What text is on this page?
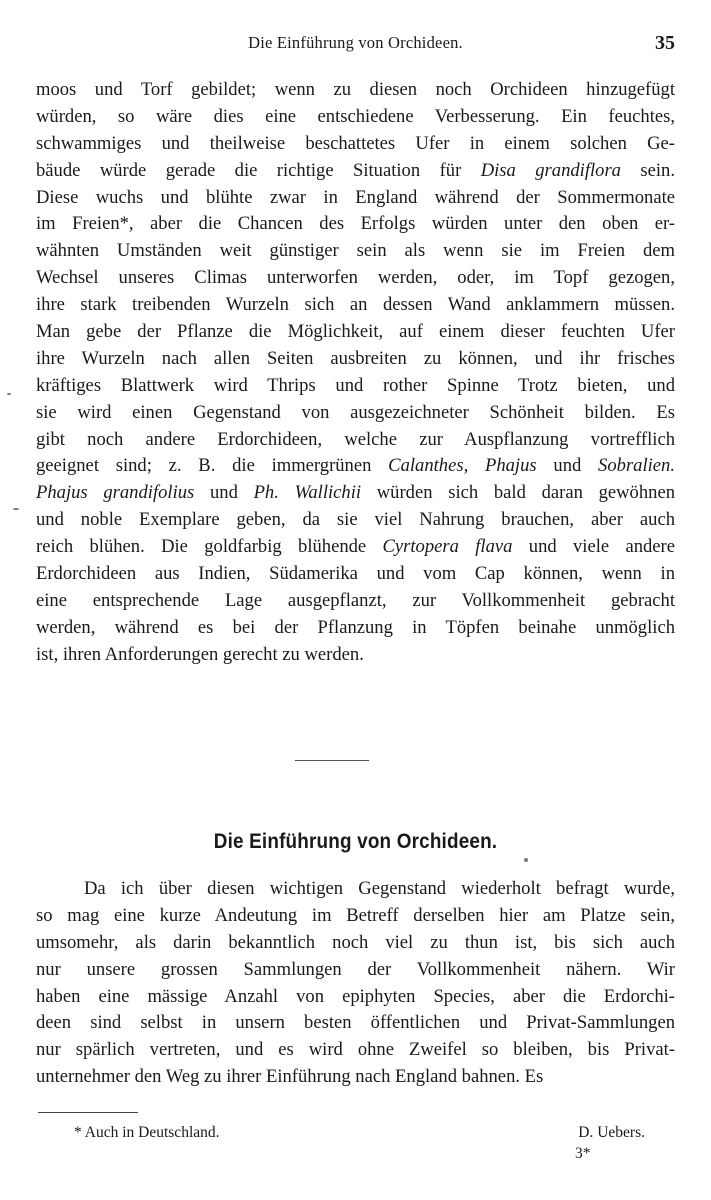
Die Einführung von Orchideen.	35
moos und Torf gebildet; wenn zu diesen noch Orchideen hinzugefügt
würden, so wäre dies eine entschiedene Verbesserung. Ein feuchtes,
schwammiges und theilweise beschattetes Ufer in einem solchen Ge-
bäude würde gerade die richtige Situation für Disa grandiflora sein.
Diese wuchs und blühte zwar in England während der Sommermonate
im Freien*, aber die Chancen des Erfolgs würden unter den oben er-
wähnten Umständen weit günstiger sein als wenn sie im Freien dem
Wechsel unseres Climas unterworfen werden, oder, im Topf gezogen,
ihre stark treibenden Wurzeln sich an dessen Wand anklammern müssen.
Man gebe der Pflanze die Möglichkeit, auf einem dieser feuchten Ufer
ihre Wurzeln nach allen Seiten ausbreiten zu können, und ihr frisches
kräftiges Blattwerk wird Thrips und rother Spinne Trotz bieten, und
sie wird einen Gegenstand von ausgezeichneter Schönheit bilden. Es
gibt noch andere Erdorchideen, welche zur Auspflanzung vortrefflich
geeignet sind; z. B. die immergrünen Calanthes, Phajus und Sobralien.
Phajus grandifolius und Ph. Wallichii würden sich bald daran gewöhnen
und noble Exemplare geben, da sie viel Nahrung brauchen, aber auch
reich blühen. Die goldfarbig blühende Cyrtopera flava und viele andere
Erdorchideen aus Indien, Südamerika und vom Cap können, wenn in
eine entsprechende Lage ausgepflanzt, zur Vollkommenheit gebracht
werden, während es bei der Pflanzung in Töpfen beinahe unmöglich
ist, ihren Anforderungen gerecht zu werden.
Die Einführung von Orchideen.
Da ich über diesen wichtigen Gegenstand wiederholt befragt wurde,
so mag eine kurze Andeutung im Betreff derselben hier am Platze sein,
umsomehr, als darin bekanntlich noch viel zu thun ist, bis sich auch
nur unsere grossen Sammlungen der Vollkommenheit nähern. Wir
haben eine mässige Anzahl von epiphyten Species, aber die Erdorchi-
deen sind selbst in unsern besten öffentlichen und Privat-Sammlungen
nur spärlich vertreten, und es wird ohne Zweifel so bleiben, bis Privat-
unternehmer den Weg zu ihrer Einführung nach England bahnen. Es
* Auch in Deutschland.	D. Uebers.
3*
